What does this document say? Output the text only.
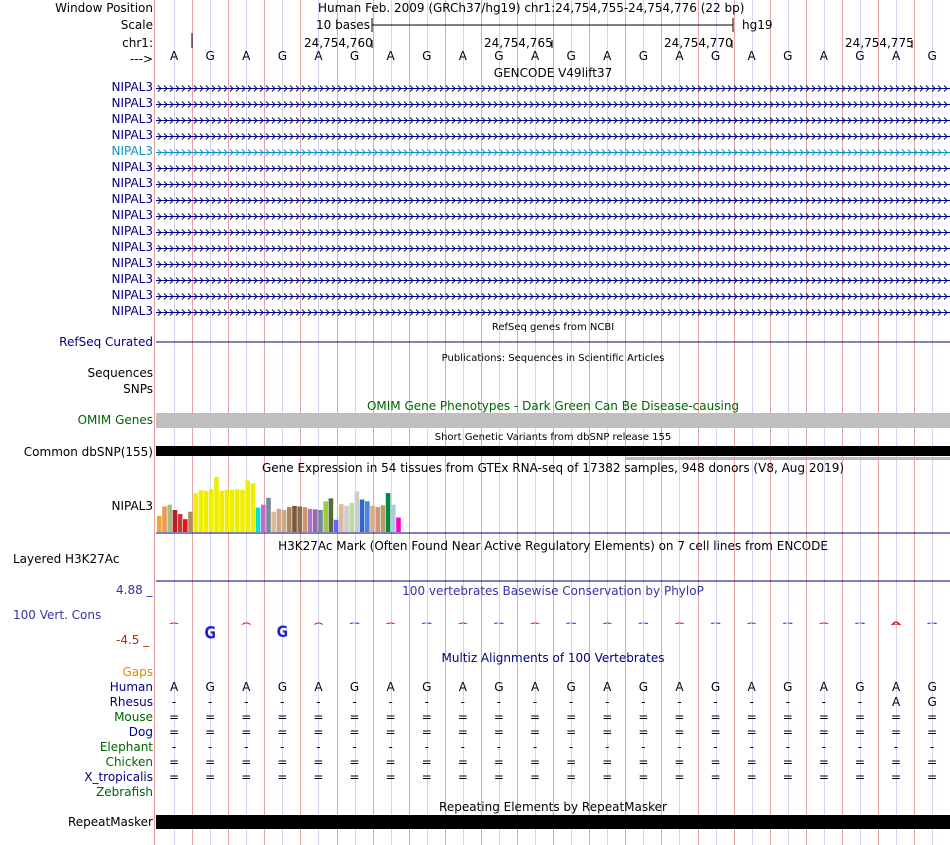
Window Position
Scale
chr1:
--->
Human Feb. 2009 (GRCh37/hg19) chr1:24,754,755-24,754,776 (22 bp)
10 bases	hg19
24,754,760	24,754,765	24,754,770	24,754,775
A	G	A	G	A	G	A	G	A	G	A	G	A	G	A	G	A	G	A	G	A	G
GENCODE V49lift37
NIPAL3
NIPAL3
NIPAL3
NIPAL3
NIPAL3
NIPAL3
NIPAL3
NIPAL3
NIPAL3
NIPAL3
NIPAL3
NIPAL3
NIPAL3
NIPAL3
NIPAL3
RefSeq genes from NCBI
RefSeq Curated
Publications: Sequences in Scientific Articles
Sequences
SNPs
OMIM Gene Phenotypes - Dark Green Can Be Disease-causing
OMIM Genes
Short Genetic Variants from dbSNP release 155
Common dbSNP(155)
Gene Expression in 54 tissues from GTEx RNA-seq of 17382 samples, 948 donors (V8, Aug 2019)
NIPAL3
H3K27Ac Mark (Often Found Near Active Regulatory Elements) on 7 cell lines from ENCODE
Layered H3K27Ac
100 vertebrates Basewise Conservation by PhyloP
4.88 _
100 Vert. Cons
-4.5 _
Multiz Alignments of 100 Vertebrates
Gaps
Human	A	G	A	G	A	G	A	G	A	G	A	G	A	G	A	G	A	G	A	G	A	G
Rhesus	-	-	-	-	-	-	-	-	-	-	-	-	-	-	-	-	-	-	-	-	A	G
Mouse	=	=	=	=	=	=	=	=	=	=	=	=	=	=	=	=	=	=	=	=	=	=
Dog	=	=	=	=	=	=	=	=	=	=	=	=	=	=	=	=	=	=	=	=	=	=
Elephant	-	-	-	-	-	-	-	-	-	-	-	-	-	-	-	-	-	-	-	-	-	-
Chicken	=	=	=	=	=	=	=	=	=	=	=	=	=	=	=	=	=	=	=	=	=	=
X_tropicalis	=	=	=	=	=	=	=	=	=	=	=	=	=	=	=	=	=	=	=	=	=	=
Zebrafish
Repeating Elements by RepeatMasker
RepeatMasker
A G A G A G A G A G A G A G A G A G A G A G
